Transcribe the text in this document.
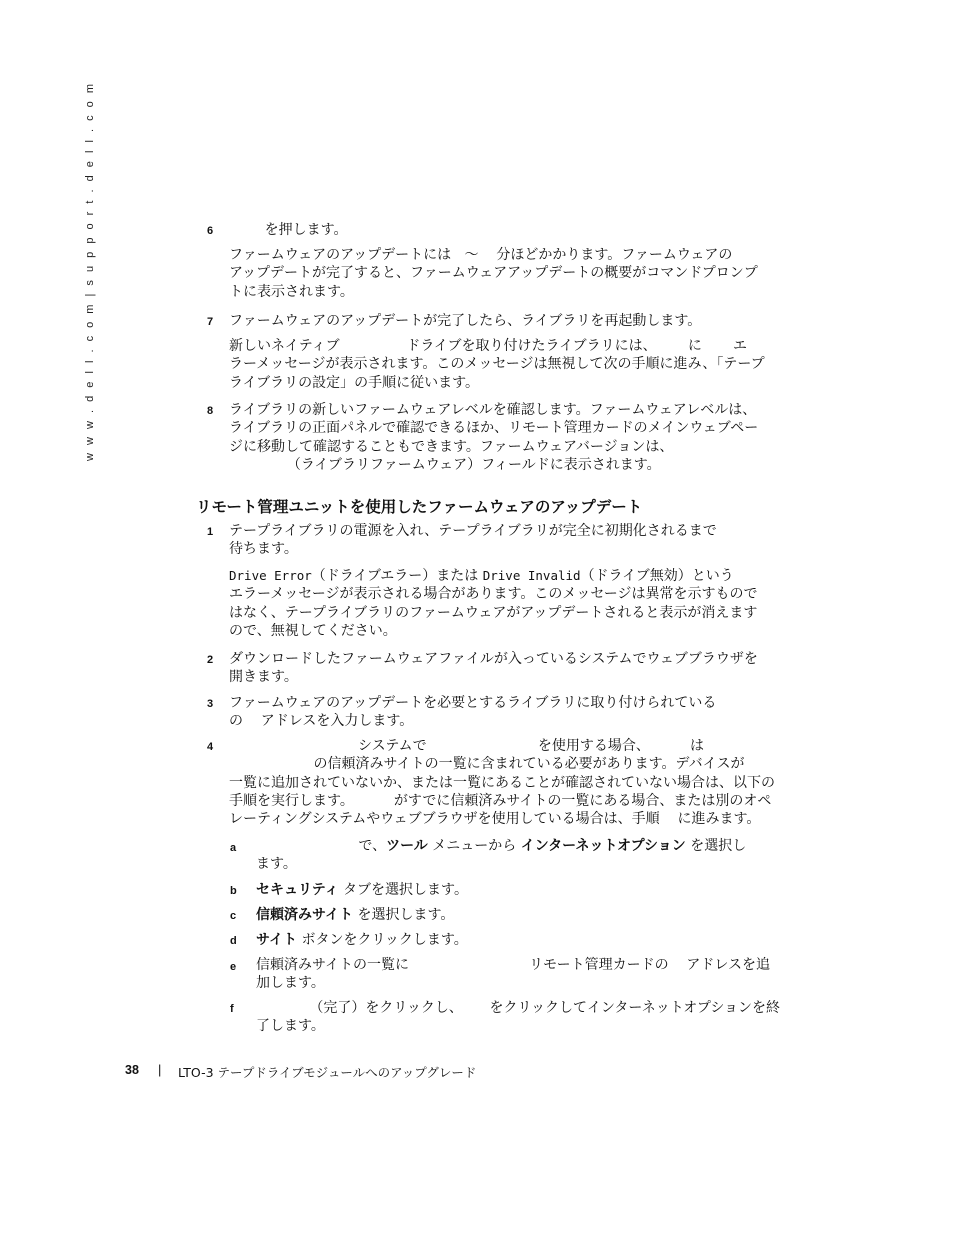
w w w . d e l l . c o m | s u p p o r t . d e l l . c o m	6 を押します。
ファームウェアのアップデートには   〜    分ほどかかります。ファームウェアの
アップデートが完了すると、ファームウェアアップデートの概要がコマンドプロンプ
トに表示されます。
7 ファームウェアのアップデートが完了したら、ライブラリを再起動します。
新しいネイティブ               ドライブを取り付けたライブラリには、       に       エ
ラーメッセージが表示されます。このメッセージは無視して次の手順に進み、「テープ
ライブラリの設定」の手順に従います。
8 ライブラリの新しいファームウェアレベルを確認します。ファームウェアレベルは、
ライブラリの正面パネルで確認できるほか、リモート管理カードのメインウェブペー
ジに移動して確認することもできます。ファームウェアバージョンは、
（ライブラリファームウェア）フィールドに表示されます。
リモート管理ユニットを使用したファームウェアのアップデート
1 テープライブラリの電源を入れ、テープライブラリが完全に初期化されるまで
待ちます。
Drive Error（ドライブエラー）または Drive Invalid（ドライブ無効）という
エラーメッセージが表示される場合があります。このメッセージは異常を示すもので
はなく、テープライブラリのファームウェアがアップデートされると表示が消えます
ので、無視してください。
2 ダウンロードしたファームウェアファイルが入っているシステムでウェブブラウザを
開きます。
3 ファームウェアのアップデートを必要とするライブラリに取り付けられている
の    アドレスを入力します。
4 システムで                         を使用する場合、         は
の信頼済みサイトの一覧に含まれている必要があります。デバイスが
一覧に追加されていないか、または一覧にあることが確認されていない場合は、以下の
手順を実行します。         がすでに信頼済みサイトの一覧にある場合、または別のオペ
レーティングシステムやウェブブラウザを使用している場合は、手順    に進みます。
a で、ツール メニューから インターネットオプション を選択し
ます。
b セキュリティ タブを選択します。
c 信頼済みサイト を選択します。
d サイト ボタンをクリックします。
e 信頼済みサイトの一覧に                           リモート管理カードの    アドレスを追
加します。
f （完了）をクリックし、      をクリックしてインターネットオプションを終
了します。
38 | LTO-3 テープドライブモジュールへのアップグレード
